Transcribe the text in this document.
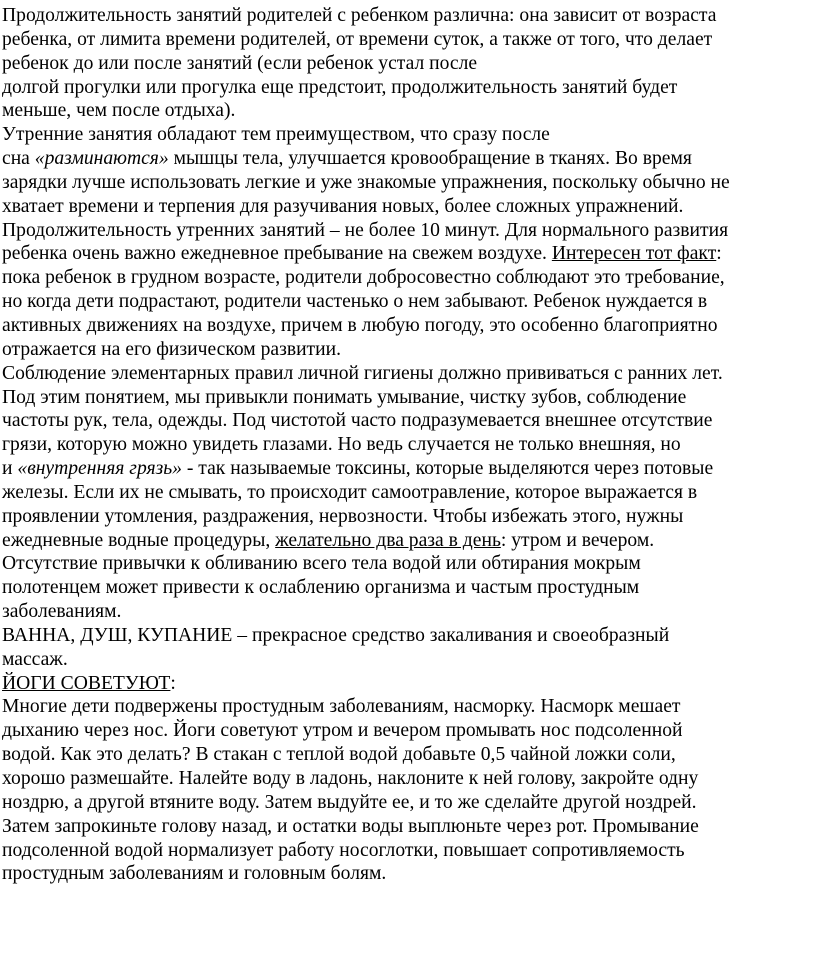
Продолжительность занятий родителей с ребенком различна: она зависит от возраста
ребенка, от лимита времени родителей, от времени суток, а также от того, что делает
ребенок до или после занятий (если ребенок устал после
долгой прогулки или прогулка еще предстоит, продолжительность занятий будет
меньше, чем после отдыха).
Утренние занятия обладают тем преимуществом, что сразу после
сна «разминаются» мышцы тела, улучшается кровообращение в тканях. Во время
зарядки лучше использовать легкие и уже знакомые упражнения, поскольку обычно не
хватает времени и терпения для разучивания новых, более сложных упражнений.
Продолжительность утренних занятий – не более 10 минут. Для нормального развития
ребенка очень важно ежедневное пребывание на свежем воздухе. Интересен тот факт:
пока ребенок в грудном возрасте, родители добросовестно соблюдают это требование,
но когда дети подрастают, родители частенько о нем забывают. Ребенок нуждается в
активных движениях на воздухе, причем в любую погоду, это особенно благоприятно
отражается на его физическом развитии.
Соблюдение элементарных правил личной гигиены должно прививаться с ранних лет.
Под этим понятием, мы привыкли понимать умывание, чистку зубов, соблюдение
частоты рук, тела, одежды. Под чистотой часто подразумевается внешнее отсутствие
грязи, которую можно увидеть глазами. Но ведь случается не только внешняя, но
и «внутренняя грязь» - так называемые токсины, которые выделяются через потовые
железы. Если их не смывать, то происходит самоотравление, которое выражается в
проявлении утомления, раздражения, нервозности. Чтобы избежать этого, нужны
ежедневные водные процедуры, желательно два раза в день: утром и вечером.
Отсутствие привычки к обливанию всего тела водой или обтирания мокрым
полотенцем может привести к ослаблению организма и частым простудным
заболеваниям.
ВАННА, ДУШ, КУПАНИЕ – прекрасное средство закаливания и своеобразный
массаж.
ЙОГИ СОВЕТУЮТ:
Многие дети подвержены простудным заболеваниям, насморку. Насморк мешает
дыханию через нос. Йоги советуют утром и вечером промывать нос подсоленной
водой. Как это делать? В стакан с теплой водой добавьте 0,5 чайной ложки соли,
хорошо размешайте. Налейте воду в ладонь, наклоните к ней голову, закройте одну
ноздрю, а другой втяните воду. Затем выдуйте ее, и то же сделайте другой ноздрей.
Затем запрокиньте голову назад, и остатки воды выплюньте через рот. Промывание
подсоленной водой нормализует работу носоглотки, повышает сопротивляемость
простудным заболеваниям и головным болям.
